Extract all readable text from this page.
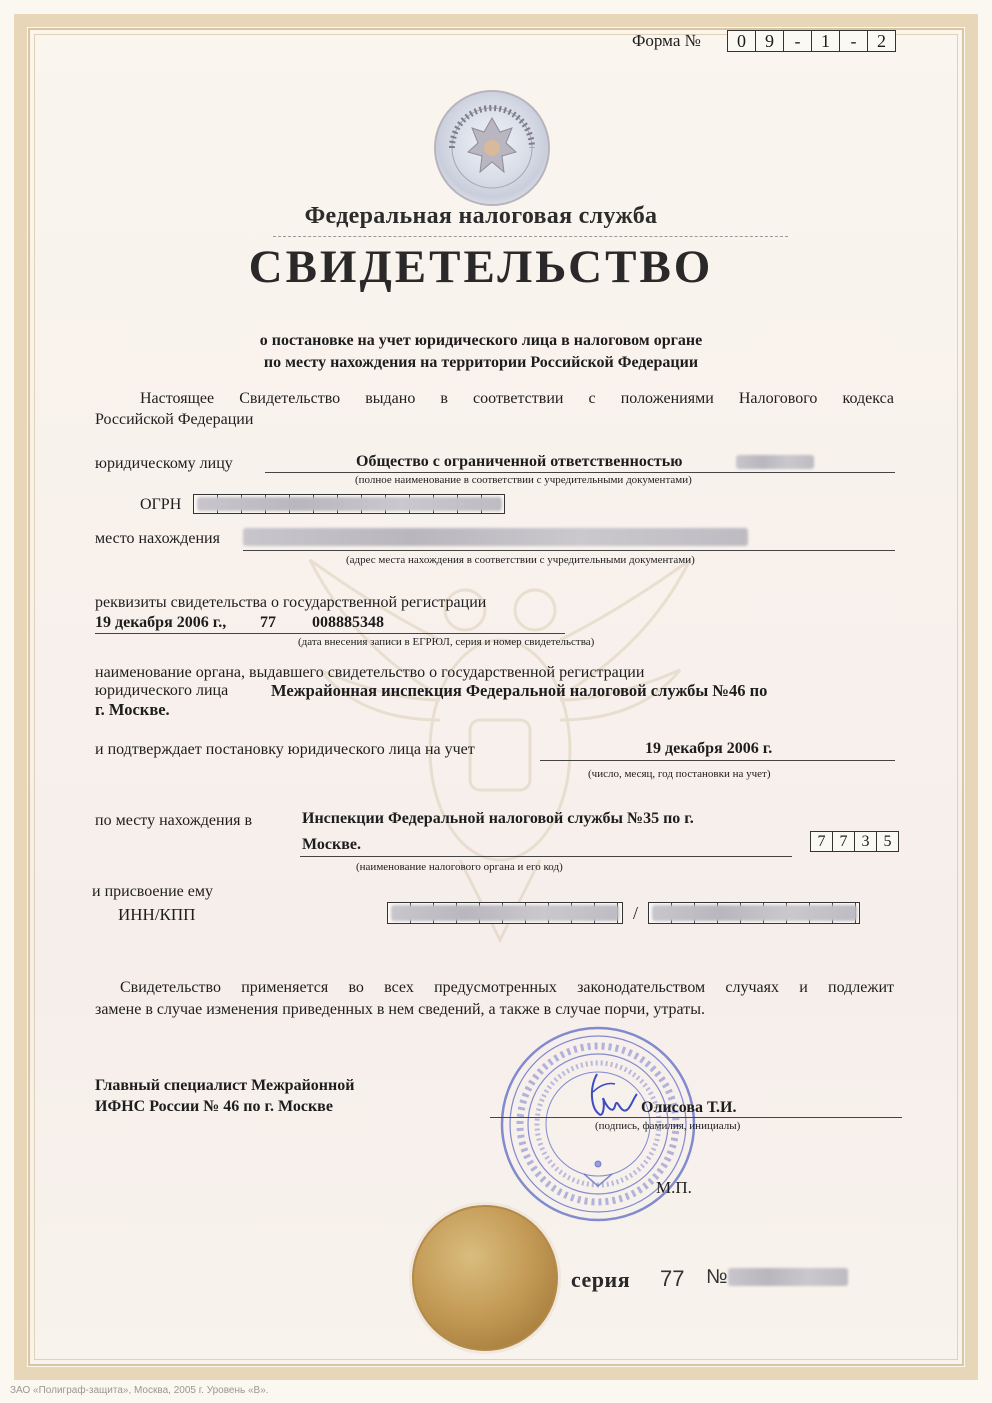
Форма №	0	9	-	1	-	2
Федеральная налоговая служба
СВИДЕТЕЛЬСТВО
о постановке на учет юридического лица в налоговом органе
по месту нахождения на территории Российской Федерации
Настоящее Свидетельство выдано в соответствии с положениями Налогового кодекса
Российской Федерации
юридическому лицу	Общество с ограниченной ответственностью
(полное наименование в соответствии с учредительными документами)
ОГРН
место нахождения
(адрес места нахождения в соответствии с учредительными документами)
реквизиты свидетельства о государственной регистрации
19 декабря 2006 г., 77 008885348
(дата внесения записи в ЕГРЮЛ, серия и номер свидетельства)
наименование органа, выдавшего свидетельство о государственной регистрации
юридического лица	Межрайонная инспекция Федеральной налоговой службы №46 по
г. Москве.
и подтверждает постановку юридического лица на учет	19 декабря 2006 г.
(число, месяц, год постановки на учет)
по месту нахождения в	Инспекции Федеральной налоговой службы №35 по г.
Москве.
(наименование налогового органа и его код)
7 7 3 5
и присвоение ему
ИНН/КПП	/
Свидетельство применяется во всех предусмотренных законодательством случаях и подлежит
замене в случае изменения приведенных в нем сведений, а также в случае порчи, утраты.
Главный специалист Межрайонной
ИФНС России № 46 по г. Москве	Олисова Т.И.
(подпись, фамилия, инициалы)
М.П.
серия 77 №
ЗАО «Полиграф-защита», Москва, 2005 г. Уровень «В».
